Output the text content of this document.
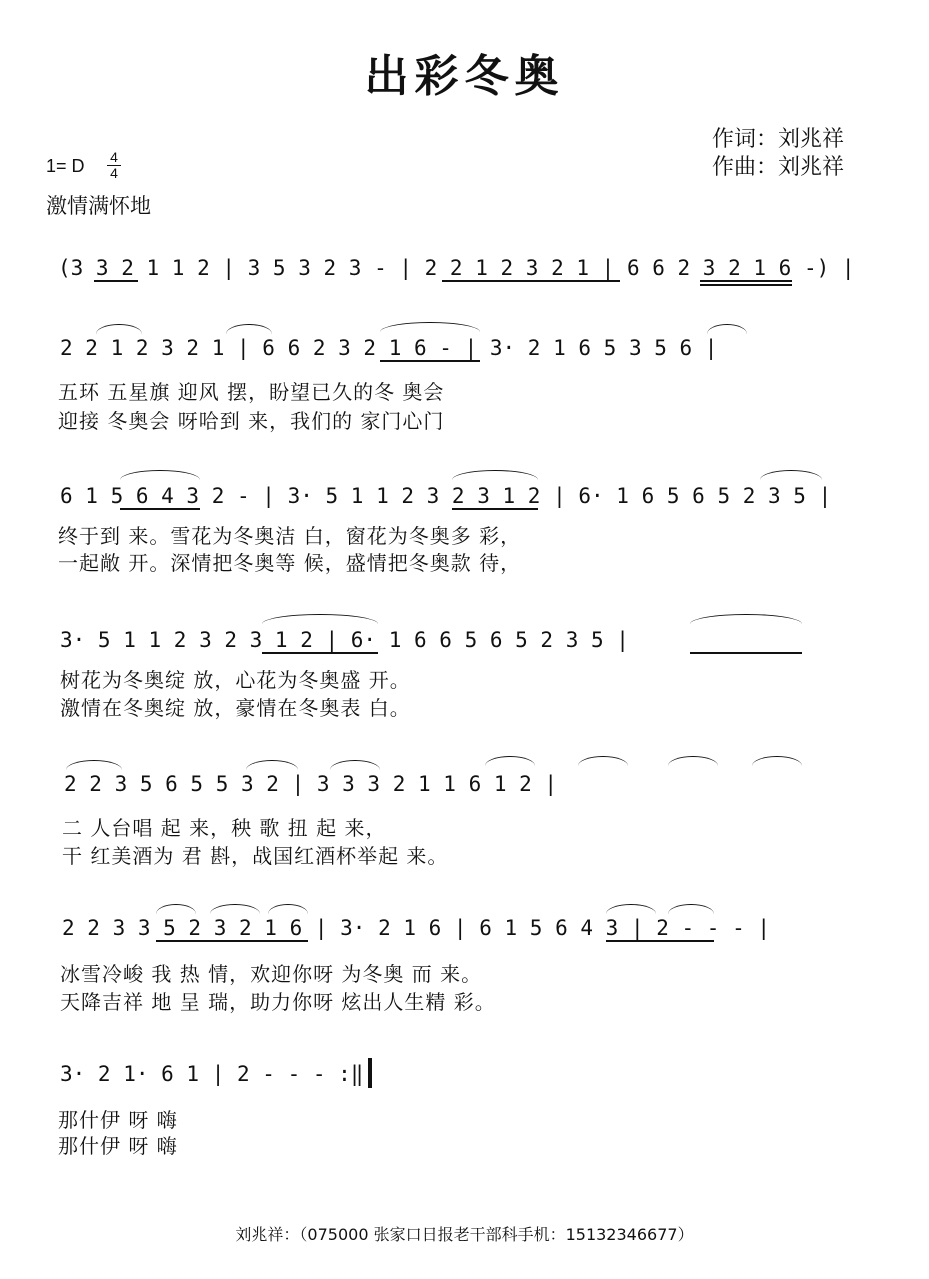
出彩冬奥
作词：刘兆祥
作曲：刘兆祥
1= D	4
4
激情满怀地
(3 3 2 1 1 2 | 3 5 3 2 3 - | 2 2 1 2 3 2 1 | 6 6 2 3 2 1 6 -) |
2 2 1 2 3 2 1 | 6 6 2 3 2 1 6 - | 3· 2 1 6 5 3 5 6 |
五环 五星旗 迎风 摆，盼望已久的冬 奥会
迎接 冬奥会 呀哈到 来，我们的 家门心门
6 1 5 6 4 3 2 - | 3· 5 1 1 2 3 2 3 1 2 | 6· 1 6 5 6 5 2 3 5 |
终于到 来。雪花为冬奥洁 白，窗花为冬奥多 彩，
一起敞 开。深情把冬奥等 候，盛情把冬奥款 待，
3· 5 1 1 2 3 2 3 1 2 | 6· 1 6 6 5 6 5 2 3 5 |
树花为冬奥绽 放，心花为冬奥盛 开。
激情在冬奥绽 放，豪情在冬奥表 白。
2 2 3 5 6 5 5 3 2 | 3 3 3 2 1 1 6 1 2 |
二 人台唱 起 来，秧 歌 扭 起 来，
干 红美酒为 君 斟，战国红酒杯举起 来。
2 2 3 3 5 2 3 2 1 6 | 3· 2 1 6 | 6 1 5 6 4 3 | 2 - - - |
冰雪冷峻 我 热 情，欢迎你呀 为冬奥 而 来。
天降吉祥 地 呈 瑞，助力你呀 炫出人生精 彩。
3· 2 1· 6 1 | 2 - - - :‖
那什伊 呀 嗨
那什伊 呀 嗨
刘兆祥：（075000 张家口日报老干部科手机：15132346677）
